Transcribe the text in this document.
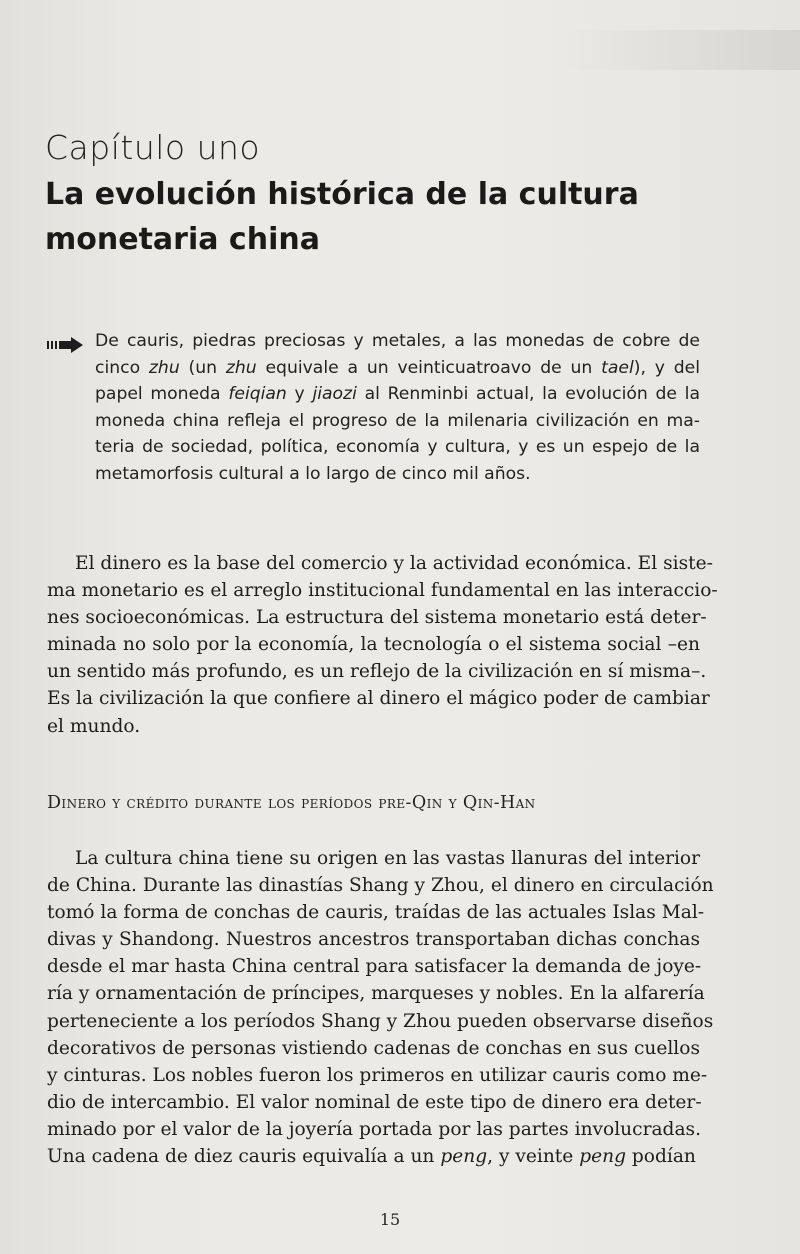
Capítulo uno
La evolución histórica de la cultura
monetaria china
De cauris, piedras preciosas y metales, a las monedas de cobre de
cinco zhu (un zhu equivale a un veinticuatroavo de un tael), y del
papel moneda feiqian y jiaozi al Renminbi actual, la evolución de la
moneda china refleja el progreso de la milenaria civilización en ma-
teria de sociedad, política, economía y cultura, y es un espejo de la
metamorfosis cultural a lo largo de cinco mil años.
El dinero es la base del comercio y la actividad económica. El siste-
ma monetario es el arreglo institucional fundamental en las interaccio-
nes socioeconómicas. La estructura del sistema monetario está deter-
minada no solo por la economía, la tecnología o el sistema social –en
un sentido más profundo, es un reflejo de la civilización en sí misma–.
Es la civilización la que confiere al dinero el mágico poder de cambiar
el mundo.
Dinero y crédito durante los períodos pre-Qin y Qin-Han
La cultura china tiene su origen en las vastas llanuras del interior
de China. Durante las dinastías Shang y Zhou, el dinero en circulación
tomó la forma de conchas de cauris, traídas de las actuales Islas Mal-
divas y Shandong. Nuestros ancestros transportaban dichas conchas
desde el mar hasta China central para satisfacer la demanda de joye-
ría y ornamentación de príncipes, marqueses y nobles. En la alfarería
perteneciente a los períodos Shang y Zhou pueden observarse diseños
decorativos de personas vistiendo cadenas de conchas en sus cuellos
y cinturas. Los nobles fueron los primeros en utilizar cauris como me-
dio de intercambio. El valor nominal de este tipo de dinero era deter-
minado por el valor de la joyería portada por las partes involucradas.
Una cadena de diez cauris equivalía a un peng, y veinte peng podían
15
